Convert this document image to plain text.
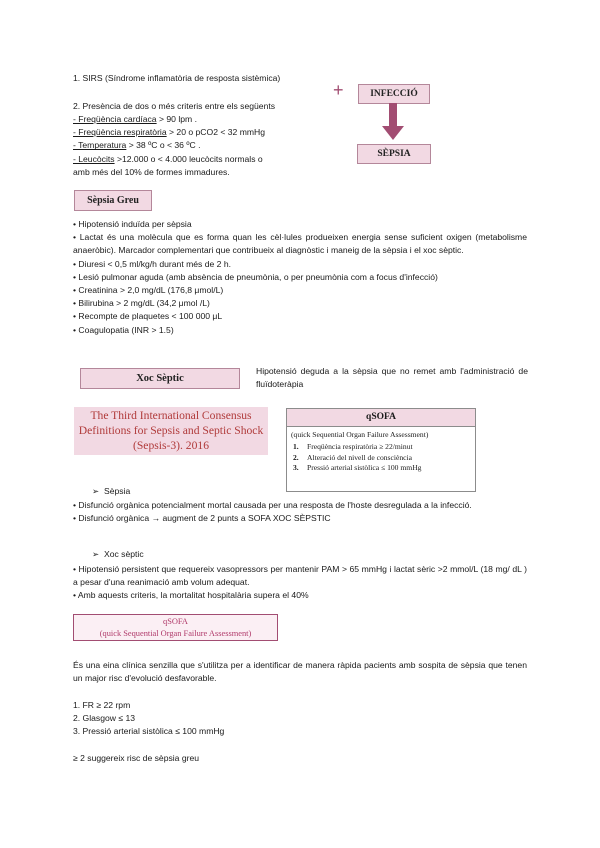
1. SIRS (Síndrome inflamatòria de resposta sistèmica)
2. Presència de dos o més criteris entre els següents
- Freqüència cardíaca > 90 lpm .
- Freqüència respiratòria > 20 o pCO2 < 32 mmHg
- Temperatura > 38 ºC o < 36 ºC .
- Leucòcits >12.000 o < 4.000 leucòcits normals o
amb més del 10% de formes immadures.
+	INFECCIÓ
SÈPSIA
Sèpsia Greu

• Hipotensió induïda per sèpsia

• Lactat és una molècula que es forma quan les cèl·lules produeixen energia sense suficient oxigen (metabolisme anaeròbic). Marcador complementari que contribueix al diagnòstic i maneig de la sèpsia i el xoc sèptic.

• Diuresi < 0,5 ml/kg/h durant més de 2 h.

• Lesió pulmonar aguda (amb absència de pneumònia, o per pneumònia com a focus d'infecció)

• Creatinina > 2,0 mg/dL (176,8 μmol/L)

• Bilirubina > 2 mg/dL (34,2 μmol /L)

• Recompte de plaquetes < 100 000 μL

• Coagulopatia (INR > 1.5)

Xoc Sèptic
Hipotensió deguda a la sèpsia que no remet amb l'administració de fluïdoteràpia
The Third International Consensus Definitions for Sepsis and Septic Shock (Sepsis-3). 2016
qSOFA
(quick Sequential Organ Failure Assessment)
1. Freqüència respiratòria ≥ 22/minut
2. Alteració del nivell de consciència
3. Pressió arterial sistòlica ≤ 100 mmHg
➢ Sèpsia

• Disfunció orgànica potencialment mortal causada per una resposta de l'hoste desregulada a la infecció.

• Disfunció orgànica → augment de 2 punts a SOFA XOC SÈPSTIC

➢ Xoc sèptic

• Hipotensió persistent que requereix vasopressors per mantenir PAM > 65 mmHg i lactat sèric >2 mmol/L (18 mg/ dL ) a pesar d'una reanimació amb volum adequat.

• Amb aquests criteris, la mortalitat hospitalària supera el 40%

qSOFA
(quick Sequential Organ Failure Assessment)
És una eina clínica senzilla que s'utilitza per a identificar de manera ràpida pacients amb sospita de sèpsia que tenen un major risc d'evolució desfavorable.

1. FR ≥ 22 rpm

2. Glasgow ≤ 13

3. Pressió arterial sistòlica ≤ 100 mmHg

≥ 2 suggereix risc de sèpsia greu
